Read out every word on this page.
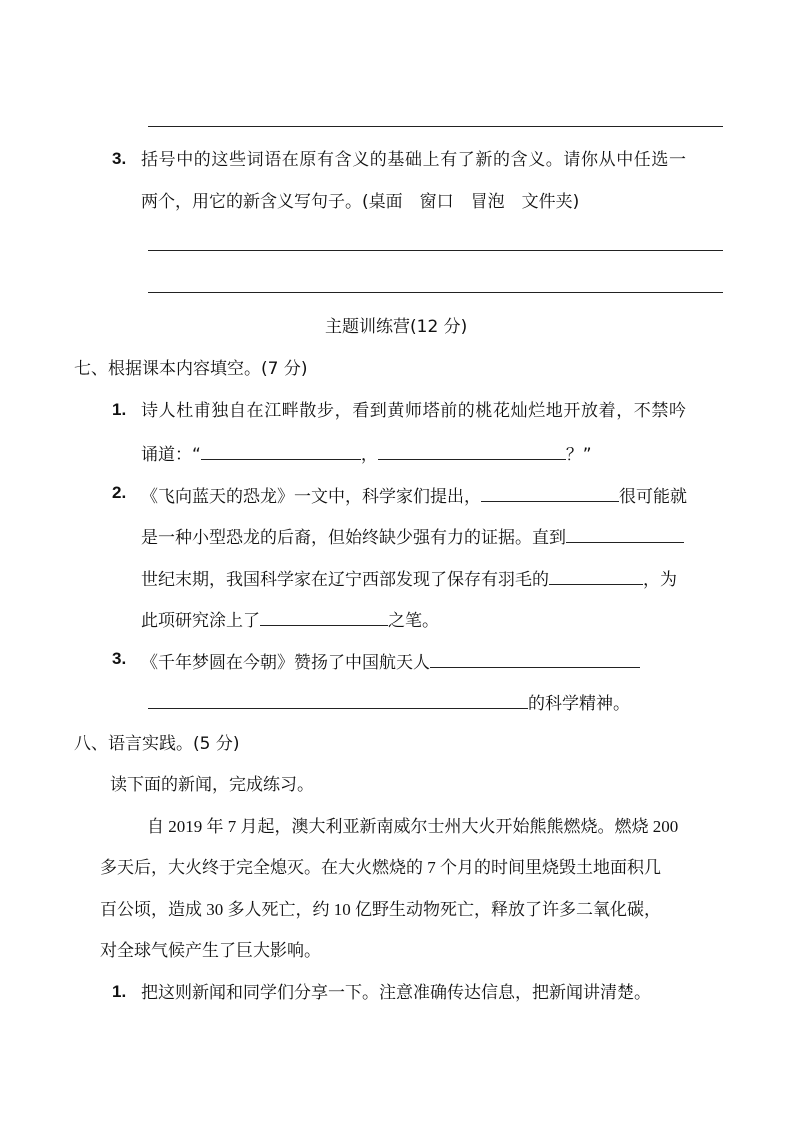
3. 括号中的这些词语在原有含义的基础上有了新的含义。请你从中任选一
两个，用它的新含义写句子。(桌面　窗口　冒泡　文件夹)
主题训练营(12 分)
七、根据课本内容填空。(7 分)
1. 诗人杜甫独自在江畔散步，看到黄师塔前的桃花灿烂地开放着，不禁吟
诵道：“	，	？”
2. 《飞向蓝天的恐龙》一文中，科学家们提出，	很可能就
是一种小型恐龙的后裔，但始终缺少强有力的证据。直到
世纪末期，我国科学家在辽宁西部发现了保存有羽毛的	，为
此项研究涂上了	之笔。
3. 《千年梦圆在今朝》赞扬了中国航天人
的科学精神。
八、语言实践。(5 分)
读下面的新闻，完成练习。
自 2019 年 7 月起，澳大利亚新南威尔士州大火开始熊熊燃烧。燃烧 200
多天后，大火终于完全熄灭。在大火燃烧的 7 个月的时间里烧毁土地面积几
百公顷，造成 30 多人死亡，约 10 亿野生动物死亡，释放了许多二氧化碳，
对全球气候产生了巨大影响。
1. 把这则新闻和同学们分享一下。注意准确传达信息，把新闻讲清楚。
